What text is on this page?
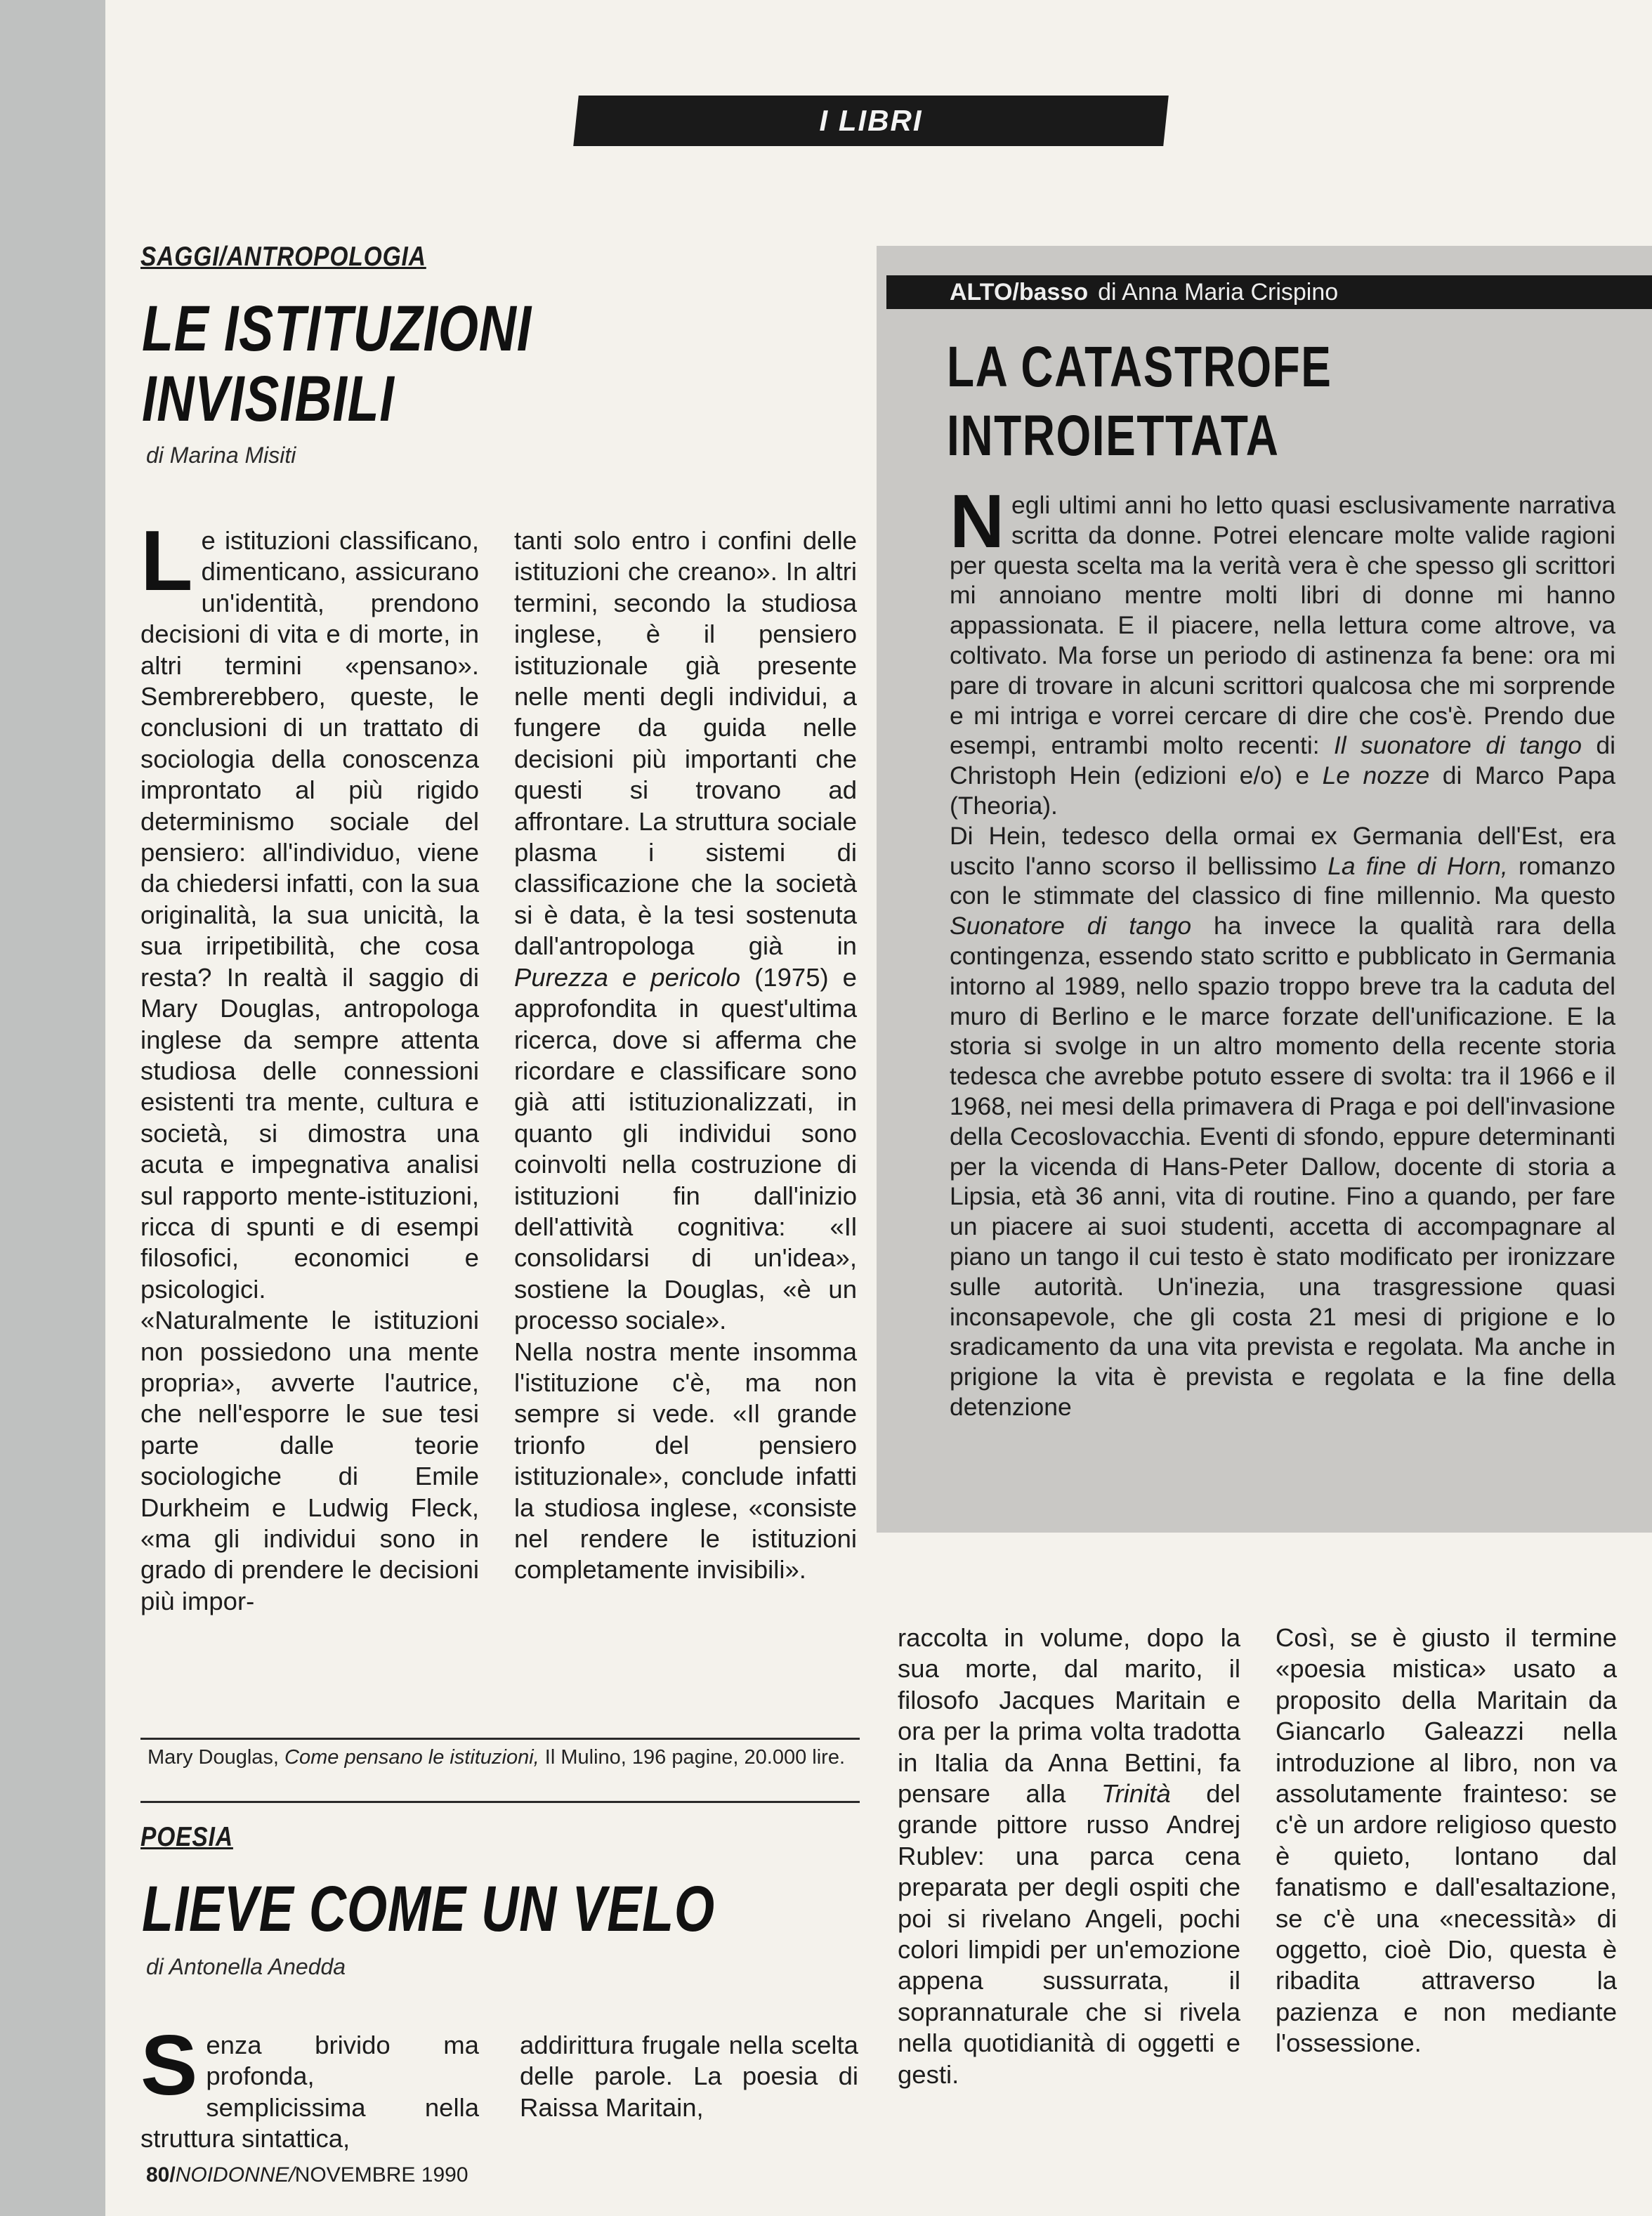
I LIBRI
SAGGI/ANTROPOLOGIA
LE ISTITUZIONI
INVISIBILI
di Marina Misiti

Le istituzioni classificano, dimenticano, assicurano un'identità, prendono decisioni di vita e di morte, in altri termini «pensano». Sembrerebbero, queste, le conclusioni di un trattato di sociologia della conoscenza improntato al più rigido determinismo sociale del pensiero: all'individuo, viene da chiedersi infatti, con la sua originalità, la sua unicità, la sua irripetibilità, che cosa resta? In realtà il saggio di Mary Douglas, antropologa inglese da sempre attenta studiosa delle connessioni esistenti tra mente, cultura e società, si dimostra una acuta e impegnativa analisi sul rapporto mente-istituzioni, ricca di spunti e di esempi filosofici, economici e psicologici.

«Naturalmente le istituzioni non possiedono una mente propria», avverte l'autrice, che nell'esporre le sue tesi parte dalle teorie sociologiche di Emile Durkheim e Ludwig Fleck, «ma gli individui sono in grado di prendere le decisioni più impor-

tanti solo entro i confini delle istituzioni che creano». In altri termini, secondo la studiosa inglese, è il pensiero istituzionale già presente nelle menti degli individui, a fungere da guida nelle decisioni più importanti che questi si trovano ad affrontare. La struttura sociale plasma i sistemi di classificazione che la società si è data, è la tesi sostenuta dall'antropologa già in Purezza e pericolo (1975) e approfondita in quest'ultima ricerca, dove si afferma che ricordare e classificare sono già atti istituzionalizzati, in quanto gli individui sono coinvolti nella costruzione di istituzioni fin dall'inizio dell'attività cognitiva: «Il consolidarsi di un'idea», sostiene la Douglas, «è un processo sociale».

Nella nostra mente insomma l'istituzione c'è, ma non sempre si vede. «Il grande trionfo del pensiero istituzionale», conclude infatti la studiosa inglese, «consiste nel rendere le istituzioni completamente invisibili».

Mary Douglas, Come pensano le istituzioni, Il Mulino, 196 pagine, 20.000 lire.
ALTO/basso di Anna Maria Crispino
LA CATASTROFE
INTROIETTATA

Negli ultimi anni ho letto quasi esclusivamente narrativa scritta da donne. Potrei elencare molte valide ragioni per questa scelta ma la verità vera è che spesso gli scrittori mi annoiano mentre molti libri di donne mi hanno appassionata. E il piacere, nella lettura come altrove, va coltivato. Ma forse un periodo di astinenza fa bene: ora mi pare di trovare in alcuni scrittori qualcosa che mi sorprende e mi intriga e vorrei cercare di dire che cos'è. Prendo due esempi, entrambi molto recenti: Il suonatore di tango di Christoph Hein (edizioni e/o) e Le nozze di Marco Papa (Theoria).

Di Hein, tedesco della ormai ex Germania dell'Est, era uscito l'anno scorso il bellissimo La fine di Horn, romanzo con le stimmate del classico di fine millennio. Ma questo Suonatore di tango ha invece la qualità rara della contingenza, essendo stato scritto e pubblicato in Germania intorno al 1989, nello spazio troppo breve tra la caduta del muro di Berlino e le marce forzate dell'unificazione. E la storia si svolge in un altro momento della recente storia tedesca che avrebbe potuto essere di svolta: tra il 1966 e il 1968, nei mesi della primavera di Praga e poi dell'invasione della Cecoslovacchia. Eventi di sfondo, eppure determinanti per la vicenda di Hans-Peter Dallow, docente di storia a Lipsia, età 36 anni, vita di routine. Fino a quando, per fare un piacere ai suoi studenti, accetta di accompagnare al piano un tango il cui testo è stato modificato per ironizzare sulle autorità. Un'inezia, una trasgressione quasi inconsapevole, che gli costa 21 mesi di prigione e lo sradicamento da una vita prevista e regolata. Ma anche in prigione la vita è prevista e regolata e la fine della detenzione

POESIA
LIEVE COME UN VELO
di Antonella Anedda

Senza brivido ma profonda, semplicissima nella struttura sintattica,

addirittura frugale nella scelta delle parole. La poesia di Raissa Maritain,

raccolta in volume, dopo la sua morte, dal marito, il filosofo Jacques Maritain e ora per la prima volta tradotta in Italia da Anna Bettini, fa pensare alla Trinità del grande pittore russo Andrej Rublev: una parca cena preparata per degli ospiti che poi si rivelano Angeli, pochi colori limpidi per un'emozione appena sussurrata, il soprannaturale che si rivela nella quotidianità di oggetti e gesti.

Così, se è giusto il termine «poesia mistica» usato a proposito della Maritain da Giancarlo Galeazzi nella introduzione al libro, non va assolutamente frainteso: se c'è un ardore religioso questo è quieto, lontano dal fanatismo e dall'esaltazione, se c'è una «necessità» di oggetto, cioè Dio, questa è ribadita attraverso la pazienza e non mediante l'ossessione.
80/NOIDONNE/NOVEMBRE 1990
